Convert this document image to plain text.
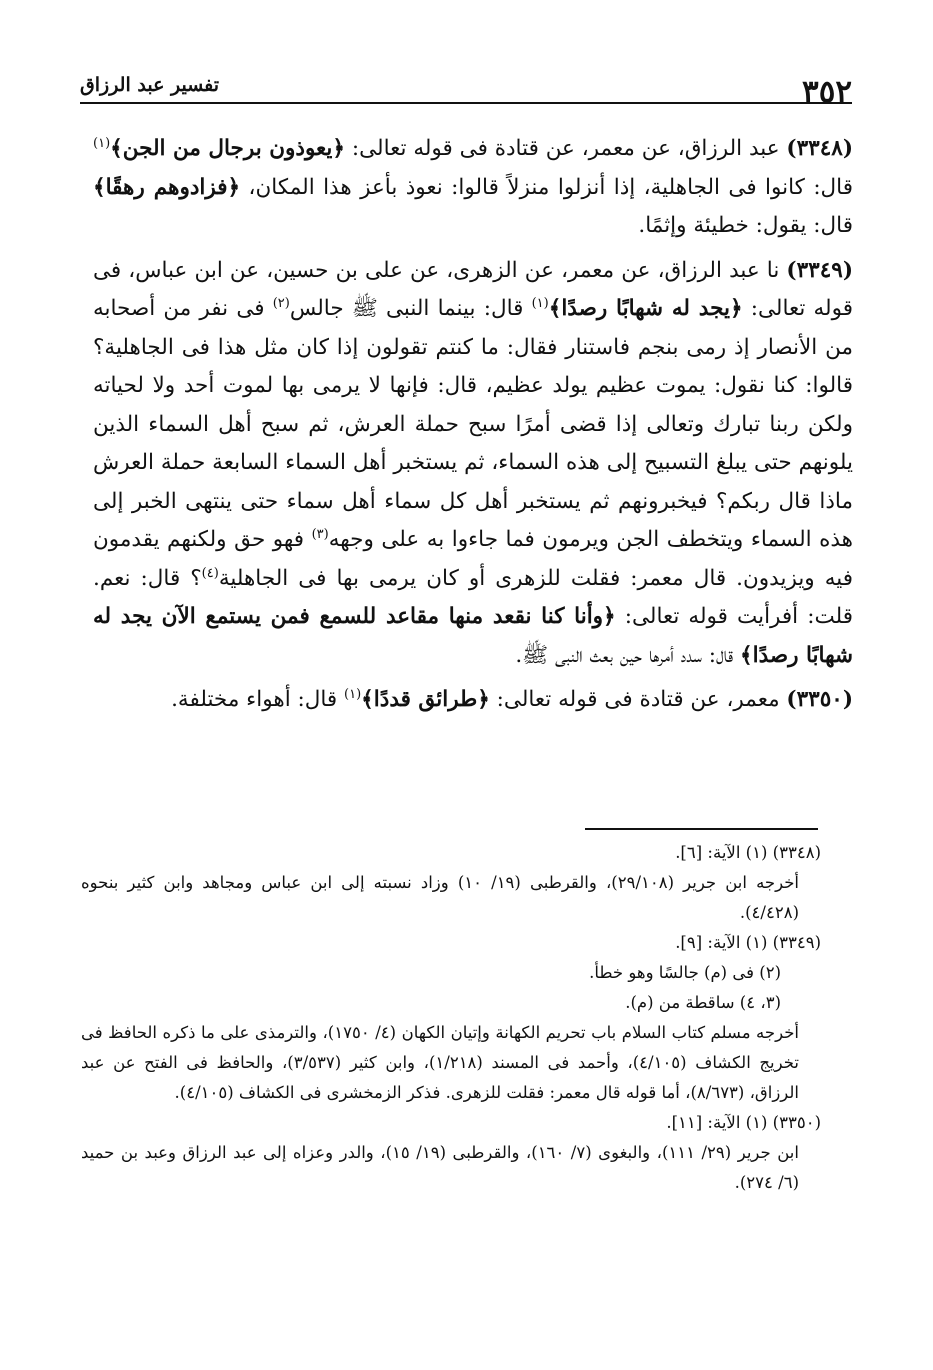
٣٥٢
تفسير عبد الرزاق

(٣٣٤٨) عبد الرزاق، عن معمر، عن قتادة فى قوله تعالى: ﴿يعوذون برجال من الجن﴾$^{(١)}$ قال: كانوا فى الجاهلية، إذا أنزلوا منزلاً قالوا: نعوذ بأعز هذا المكان، ﴿فزادوهم رهقًا﴾ قال: يقول: خطيئة وإثمًا.

(٣٣٤٩) نا عبد الرزاق، عن معمر، عن الزهرى، عن على بن حسين، عن ابن عباس، فى قوله تعالى: ﴿يجد له شهابًا رصدًا﴾$^{(١)}$ قال: بينما النبى ﷺ جالس$^{(٢)}$ فى نفر من أصحابه من الأنصار إذ رمى بنجم فاستنار فقال: ما كنتم تقولون إذا كان مثل هذا فى الجاهلية؟ قالوا: كنا نقول: يموت عظيم يولد عظيم، قال: فإنها لا يرمى بها لموت أحد ولا لحياته ولكن ربنا تبارك وتعالى إذا قضى أمرًا سبح حملة العرش، ثم سبح أهل السماء الذين يلونهم حتى يبلغ التسبيح إلى هذه السماء، ثم يستخبر أهل السماء السابعة حملة العرش ماذا قال ربكم؟ فيخبرونهم ثم يستخبر أهل كل سماء أهل سماء حتى ينتهى الخبر إلى هذه السماء ويتخطف الجن ويرمون فما جاءوا به على وجهه$^{(٣)}$ فهو حق ولكنهم يقدمون فيه ويزيدون. قال معمر: فقلت للزهرى أو كان يرمى بها فى الجاهلية$^{(٤)}$؟ قال: نعم. قلت: أفرأيت قوله تعالى: ﴿وأنا كنا نقعد منها مقاعد للسمع فمن يستمع الآن يجد له شهابًا رصدًا﴾ قال: سدد أمرها حين بعث النبى ﷺ.

(٣٣٥٠) معمر، عن قتادة فى قوله تعالى: ﴿طرائق قددًا﴾$^{(١)}$ قال: أهواء مختلفة.

(٣٣٤٨) (١) الآية: [٦].

أخرجه ابن جرير (٢٩/١٠٨)، والقرطبى (١٩/ ١٠) وزاد نسبته إلى ابن عباس ومجاهد وابن كثير بنحوه (٤/٤٢٨).

(٣٣٤٩) (١) الآية: [٩].

(٢) فى (م) جالسًا وهو خطأ.

(٣، ٤) ساقطة من (م).

أخرجه مسلم كتاب السلام باب تحريم الكهانة وإتيان الكهان (٤/ ١٧٥٠)، والترمذى على ما ذكره الحافظ فى تخريج الكشاف (٤/١٠٥)، وأحمد فى المسند (١/٢١٨)، وابن كثير (٣/٥٣٧)، والحافظ فى الفتح عن عبد الرزاق، (٨/٦٧٣)، أما قوله قال معمر: فقلت للزهرى. فذكر الزمخشرى فى الكشاف (٤/١٠٥).

(٣٣٥٠) (١) الآية: [١١].

ابن جرير (٢٩/ ١١١)، والبغوى (٧/ ١٦٠)، والقرطبى (١٩/ ١٥)، والدر وعزاه إلى عبد الرزاق وعبد بن حميد (٦/ ٢٧٤).
